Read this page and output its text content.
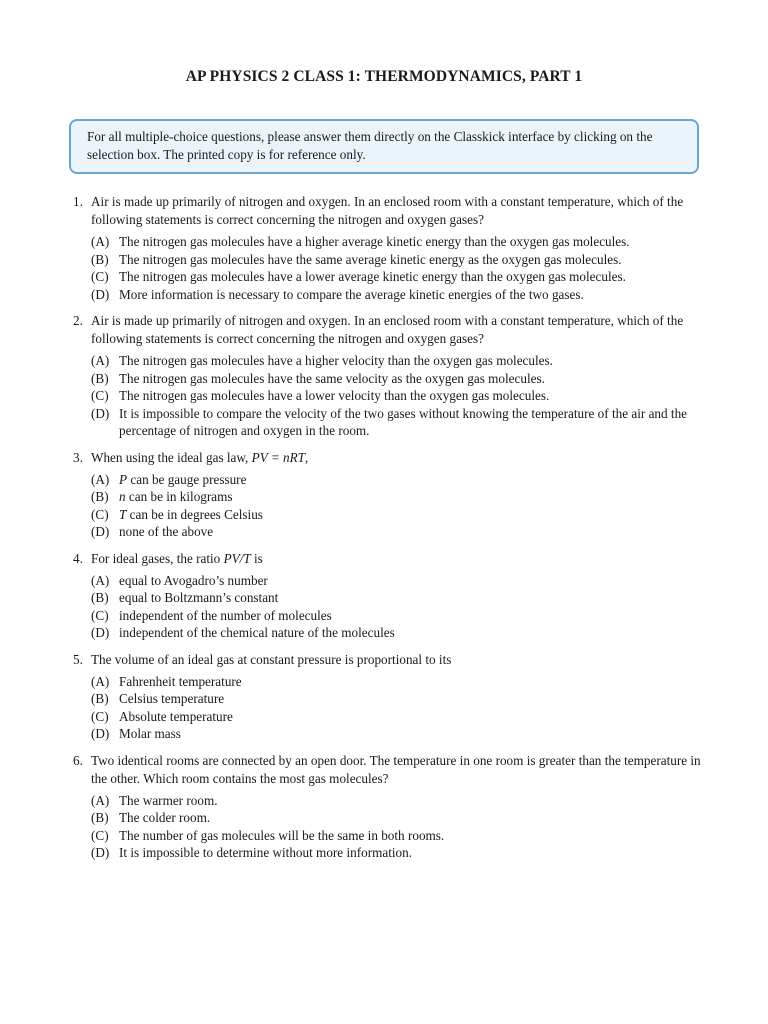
AP PHYSICS 2 CLASS 1: THERMODYNAMICS, PART 1
For all multiple-choice questions, please answer them directly on the Classkick interface by clicking on the selection box. The printed copy is for reference only.
1. Air is made up primarily of nitrogen and oxygen. In an enclosed room with a constant temperature, which of the following statements is correct concerning the nitrogen and oxygen gases?
(A) The nitrogen gas molecules have a higher average kinetic energy than the oxygen gas molecules.
(B) The nitrogen gas molecules have the same average kinetic energy as the oxygen gas molecules.
(C) The nitrogen gas molecules have a lower average kinetic energy than the oxygen gas molecules.
(D) More information is necessary to compare the average kinetic energies of the two gases.
2. Air is made up primarily of nitrogen and oxygen. In an enclosed room with a constant temperature, which of the following statements is correct concerning the nitrogen and oxygen gases?
(A) The nitrogen gas molecules have a higher velocity than the oxygen gas molecules.
(B) The nitrogen gas molecules have the same velocity as the oxygen gas molecules.
(C) The nitrogen gas molecules have a lower velocity than the oxygen gas molecules.
(D) It is impossible to compare the velocity of the two gases without knowing the temperature of the air and the percentage of nitrogen and oxygen in the room.
3. When using the ideal gas law, PV = nRT,
(A) P can be gauge pressure
(B) n can be in kilograms
(C) T can be in degrees Celsius
(D) none of the above
4. For ideal gases, the ratio PV/T is
(A) equal to Avogadro’s number
(B) equal to Boltzmann’s constant
(C) independent of the number of molecules
(D) independent of the chemical nature of the molecules
5. The volume of an ideal gas at constant pressure is proportional to its
(A) Fahrenheit temperature
(B) Celsius temperature
(C) Absolute temperature
(D) Molar mass
6. Two identical rooms are connected by an open door. The temperature in one room is greater than the temperature in the other. Which room contains the most gas molecules?
(A) The warmer room.
(B) The colder room.
(C) The number of gas molecules will be the same in both rooms.
(D) It is impossible to determine without more information.
